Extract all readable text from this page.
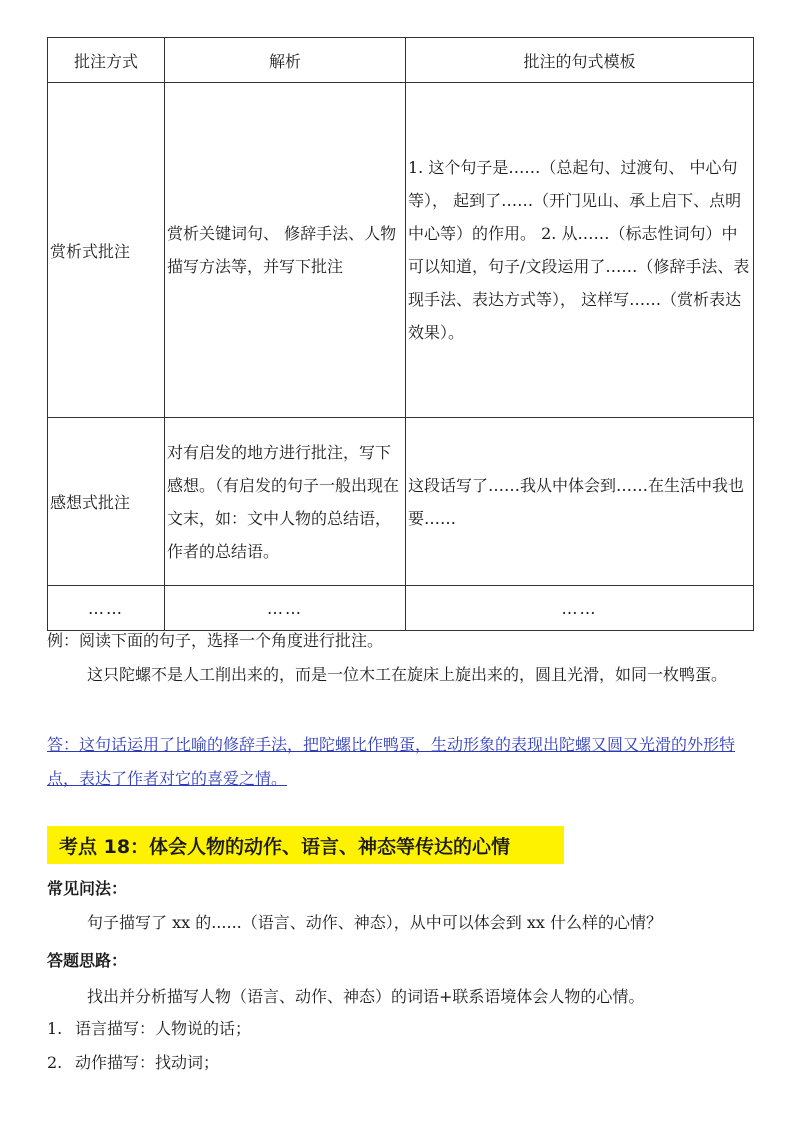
批注方式	解析	批注的句式模板
赏析式批注	赏析关键词句、 修辞手法、人物描写方法等，并写下批注	1. 这个句子是……（总起句、过渡句、 中心句等）， 起到了……（开门见山、承上启下、点明中心等）的作用。 2. 从……（标志性词句）中可以知道，句子/文段运用了……（修辞手法、表现手法、表达方式等）， 这样写……（赏析表达效果）。
感想式批注	对有启发的地方进行批注，写下感想。（有启发的句子一般出现在文末，如：文中人物的总结语，作者的总结语。	这段话写了……我从中体会到……在生活中我也要……
……	……	……

例：阅读下面的句子，选择一个角度进行批注。

这只陀螺不是人工削出来的，而是一位木工在旋床上旋出来的，圆且光滑，如同一枚鸭蛋。

答：这句话运用了比喻的修辞手法，把陀螺比作鸭蛋，生动形象的表现出陀螺又圆又光滑的外形特点，表达了作者对它的喜爱之情。

考点 18：体会人物的动作、语言、神态等传达的心情

常见问法：

句子描写了 xx 的......（语言、动作、神态），从中可以体会到 xx 什么样的心情？

答题思路：

找出并分析描写人物（语言、动作、神态）的词语+联系语境体会人物的心情。

1. 语言描写：人物说的话；
2. 动作描写：找动词；
